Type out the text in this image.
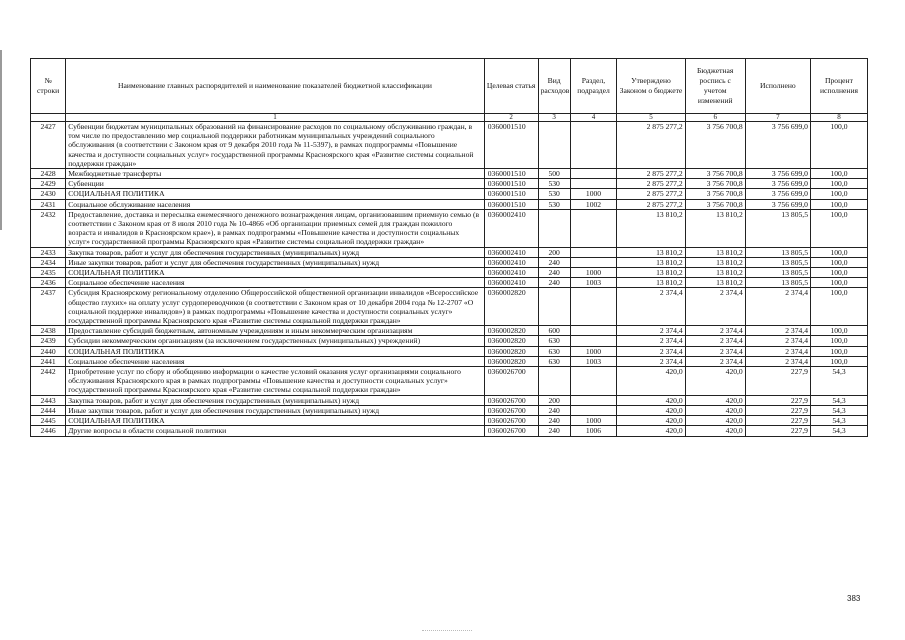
№ строки	Наименование главных распорядителей и наименование показателей бюджетной классификации	Целевая статья	Вид расходов	Раздел, подраздел	Утверждено Законом о бюджете	Бюджетная роспись с учетом изменений	Исполнено	Процент исполнения
	1	2	3	4	5	6	7	8
2427	Субвенции бюджетам муниципальных образований на финансирование расходов по социальному обслуживанию граждан, в том числе по предоставлению мер социальной поддержки работникам муниципальных учреждений социального обслуживания (в соответствии с Законом края от 9 декабря 2010 года № 11-5397), в рамках подпрограммы «Повышение качества и доступности социальных услуг» государственной программы Красноярского края «Развитие системы социальной поддержки граждан»	0360001510			2 875 277,2	3 756 700,8	3 756 699,0	100,0
2428	Межбюджетные трансферты	0360001510	500		2 875 277,2	3 756 700,8	3 756 699,0	100,0
2429	Субвенции	0360001510	530		2 875 277,2	3 756 700,8	3 756 699,0	100,0
2430	СОЦИАЛЬНАЯ ПОЛИТИКА	0360001510	530	1000	2 875 277,2	3 756 700,8	3 756 699,0	100,0
2431	Социальное обслуживание населения	0360001510	530	1002	2 875 277,2	3 756 700,8	3 756 699,0	100,0
2432	Предоставление, доставка и пересылка ежемесячного денежного вознаграждения лицам, организовавшим приемную семью (в соответствии с Законом края от 8 июля 2010 года № 10-4866 «Об организации приемных семей для граждан пожилого возраста и инвалидов в Красноярском крае»), в рамках подпрограммы «Повышение качества и доступности социальных услуг» государственной программы Красноярского края «Развитие системы социальной поддержки граждан»	0360002410			13 810,2	13 810,2	13 805,5	100,0
2433	Закупка товаров, работ и услуг для обеспечения государственных (муниципальных) нужд	0360002410	200		13 810,2	13 810,2	13 805,5	100,0
2434	Иные закупки товаров, работ и услуг для обеспечения государственных (муниципальных) нужд	0360002410	240		13 810,2	13 810,2	13 805,5	100,0
2435	СОЦИАЛЬНАЯ ПОЛИТИКА	0360002410	240	1000	13 810,2	13 810,2	13 805,5	100,0
2436	Социальное обеспечение населения	0360002410	240	1003	13 810,2	13 810,2	13 805,5	100,0
2437	Субсидия Красноярскому региональному отделению Общероссийской общественной организации инвалидов «Всероссийское общество глухих» на оплату услуг сурдопереводчиков (в соответствии с Законом края от 10 декабря 2004 года № 12-2707 «О социальной поддержке инвалидов») в рамках подпрограммы «Повышение качества и доступности социальных услуг» государственной программы Красноярского края «Развитие системы социальной поддержки граждан»	0360002820			2 374,4	2 374,4	2 374,4	100,0
2438	Предоставление субсидий бюджетным, автономным учреждениям и иным некоммерческим организациям	0360002820	600		2 374,4	2 374,4	2 374,4	100,0
2439	Субсидии некоммерческим организациям (за исключением государственных (муниципальных) учреждений)	0360002820	630		2 374,4	2 374,4	2 374,4	100,0
2440	СОЦИАЛЬНАЯ ПОЛИТИКА	0360002820	630	1000	2 374,4	2 374,4	2 374,4	100,0
2441	Социальное обеспечение населения	0360002820	630	1003	2 374,4	2 374,4	2 374,4	100,0
2442	Приобретение услуг по сбору и обобщению информации о качестве условий оказания услуг организациями социального обслуживания Красноярского края в рамках подпрограммы «Повышение качества и доступности социальных услуг» государственной программы Красноярского края «Развитие системы социальной поддержки граждан»	0360026700			420,0	420,0	227,9	54,3
2443	Закупка товаров, работ и услуг для обеспечения государственных (муниципальных) нужд	0360026700	200		420,0	420,0	227,9	54,3
2444	Иные закупки товаров, работ и услуг для обеспечения государственных (муниципальных) нужд	0360026700	240		420,0	420,0	227,9	54,3
2445	СОЦИАЛЬНАЯ ПОЛИТИКА	0360026700	240	1000	420,0	420,0	227,9	54,3
2446	Другие вопросы в области социальной политики	0360026700	240	1006	420,0	420,0	227,9	54,3
383
